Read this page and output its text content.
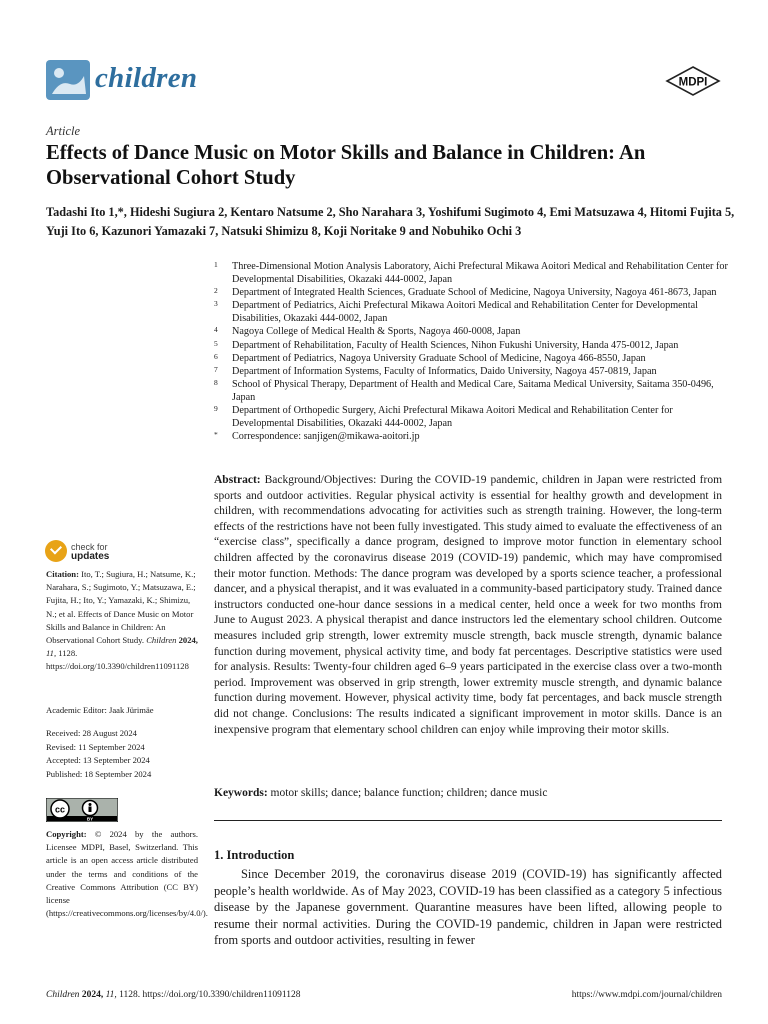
children	MDPI
Article
Effects of Dance Music on Motor Skills and Balance in Children: An Observational Cohort Study
Tadashi Ito 1,*, Hideshi Sugiura 2, Kentaro Natsume 2, Sho Narahara 3, Yoshifumi Sugimoto 4, Emi Matsuzawa 4, Hitomi Fujita 5, Yuji Ito 6, Kazunori Yamazaki 7, Natsuki Shimizu 8, Koji Noritake 9 and Nobuhiko Ochi 3
1 Three-Dimensional Motion Analysis Laboratory, Aichi Prefectural Mikawa Aoitori Medical and Rehabilitation Center for Developmental Disabilities, Okazaki 444-0002, Japan
2 Department of Integrated Health Sciences, Graduate School of Medicine, Nagoya University, Nagoya 461-8673, Japan
3 Department of Pediatrics, Aichi Prefectural Mikawa Aoitori Medical and Rehabilitation Center for Developmental Disabilities, Okazaki 444-0002, Japan
4 Nagoya College of Medical Health & Sports, Nagoya 460-0008, Japan
5 Department of Rehabilitation, Faculty of Health Sciences, Nihon Fukushi University, Handa 475-0012, Japan
6 Department of Pediatrics, Nagoya University Graduate School of Medicine, Nagoya 466-8550, Japan
7 Department of Information Systems, Faculty of Informatics, Daido University, Nagoya 457-0819, Japan
8 School of Physical Therapy, Department of Health and Medical Care, Saitama Medical University, Saitama 350-0496, Japan
9 Department of Orthopedic Surgery, Aichi Prefectural Mikawa Aoitori Medical and Rehabilitation Center for Developmental Disabilities, Okazaki 444-0002, Japan
* Correspondence: sanjigen@mikawa-aoitori.jp
Abstract: Background/Objectives: During the COVID-19 pandemic, children in Japan were restricted from sports and outdoor activities. Regular physical activity is essential for healthy growth and development in children, with recommendations advocating for activities such as strength training. However, the long-term effects of the restrictions have not been fully investigated. This study aimed to evaluate the effectiveness of an “exercise class”, specifically a dance program, designed to improve motor function in elementary school children affected by the coronavirus disease 2019 (COVID-19) pandemic, which may have compromised their motor function. Methods: The dance program was developed by a sports science teacher, a professional dancer, and a physical therapist, and it was evaluated in a community-based participatory study. Trained dance instructors conducted one-hour dance sessions in a medical center, held once a week for two months from June to August 2023. A physical therapist and dance instructors led the elementary school children. Outcome measures included grip strength, lower extremity muscle strength, back muscle strength, dynamic balance function during movement, physical activity time, and body fat percentages. Descriptive statistics were used for analysis. Results: Twenty-four children aged 6–9 years participated in the exercise class over a two-month period. Improvement was observed in grip strength, lower extremity muscle strength, and dynamic balance function during movement. However, physical activity time, body fat percentages, and back muscle strength did not change. Conclusions: The results indicated a significant improvement in motor skills. Dance is an inexpensive program that elementary school children can enjoy while improving their motor skills.
Keywords: motor skills; dance; balance function; children; dance music
1. Introduction
Since December 2019, the coronavirus disease 2019 (COVID-19) has significantly affected people’s health worldwide. As of May 2023, COVID-19 has been classified as a category 5 infectious disease by the Japanese government. Quarantine measures have been lifted, allowing people to resume their normal activities. During the COVID-19 pandemic, children in Japan were restricted from sports and outdoor activities, resulting in fewer
check for
updates
Citation: Ito, T.; Sugiura, H.; Natsume, K.; Narahara, S.; Sugimoto, Y.; Matsuzawa, E.; Fujita, H.; Ito, Y.; Yamazaki, K.; Shimizu, N.; et al. Effects of Dance Music on Motor Skills and Balance in Children: An Observational Cohort Study. Children 2024, 11, 1128. https://doi.org/10.3390/children11091128
Academic Editor: Jaak Jürimäe
Received: 28 August 2024
Revised: 11 September 2024
Accepted: 13 September 2024
Published: 18 September 2024
cc
BY
Copyright: © 2024 by the authors. Licensee MDPI, Basel, Switzerland. This article is an open access article distributed under the terms and conditions of the Creative Commons Attribution (CC BY) license (https://creativecommons.org/licenses/by/4.0/).
Children 2024, 11, 1128. https://doi.org/10.3390/children11091128	https://www.mdpi.com/journal/children
